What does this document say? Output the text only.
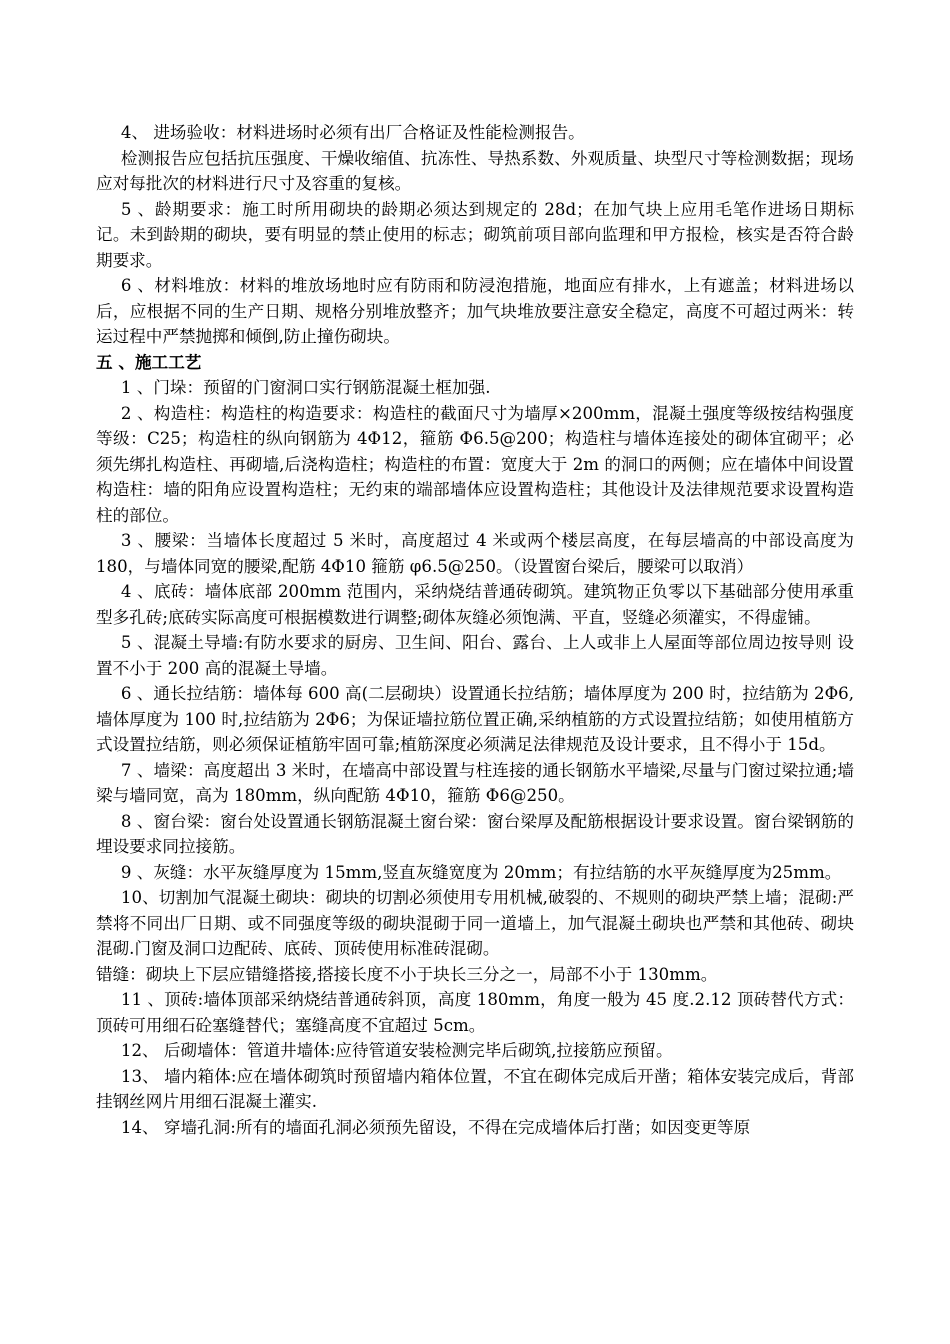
4、 进场验收：材料进场时必须有出厂合格证及性能检测报告。

检测报告应包括抗压强度、干燥收缩值、抗冻性、导热系数、外观质量、块型尺寸等检测数据；现场应对每批次的材料进行尺寸及容重的复核。

5 、龄期要求：施工时所用砌块的龄期必须达到规定的 28d；在加气块上应用毛笔作进场日期标记。未到龄期的砌块，要有明显的禁止使用的标志；砌筑前项目部向监理和甲方报检，核实是否符合龄期要求。

6 、材料堆放：材料的堆放场地时应有防雨和防浸泡措施，地面应有排水，上有遮盖；材料进场以后，应根据不同的生产日期、规格分别堆放整齐；加气块堆放要注意安全稳定，高度不可超过两米：转运过程中严禁抛掷和倾倒,防止撞伤砌块。

五 、施工工艺

1 、门垛：预留的门窗洞口实行钢筋混凝土框加强.

2 、构造柱：构造柱的构造要求：构造柱的截面尺寸为墙厚×200mm，混凝土强度等级按结构强度等级：C25；构造柱的纵向钢筋为 4Φ12，箍筋 Φ6.5@200；构造柱与墙体连接处的砌体宜砌平；必须先绑扎构造柱、再砌墙,后浇构造柱；构造柱的布置：宽度大于 2m 的洞口的两侧；应在墙体中间设置构造柱：墙的阳角应设置构造柱；无约束的端部墙体应设置构造柱；其他设计及法律规范要求设置构造柱的部位。

3 、腰梁：当墙体长度超过 5 米时，高度超过 4 米或两个楼层高度，在每层墙高的中部设高度为 180，与墙体同宽的腰梁,配筋 4Φ10 箍筋 φ6.5@250。（设置窗台梁后，腰梁可以取消）

4 、底砖：墙体底部 200mm 范围内，采纳烧结普通砖砌筑。建筑物正负零以下基础部分使用承重型多孔砖;底砖实际高度可根据模数进行调整;砌体灰缝必须饱满、平直，竖缝必须灌实，不得虚铺。

5 、混凝土导墙:有防水要求的厨房、卫生间、阳台、露台、上人或非上人屋面等部位周边按导则 设置不小于 200 高的混凝土导墙。

6 、通长拉结筋：墙体每 600 高(二层砌块）设置通长拉结筋；墙体厚度为 200 时，拉结筋为 2Φ6,墙体厚度为 100 时,拉结筋为 2Φ6；为保证墙拉筋位置正确,采纳植筋的方式设置拉结筋；如使用植筋方式设置拉结筋，则必须保证植筋牢固可靠;植筋深度必须满足法律规范及设计要求，且不得小于 15d。

7 、墙梁：高度超出 3 米时，在墙高中部设置与柱连接的通长钢筋水平墙梁,尽量与门窗过梁拉通;墙梁与墙同宽，高为 180mm，纵向配筋 4Φ10，箍筋 Φ6@250。

8 、窗台梁：窗台处设置通长钢筋混凝土窗台梁：窗台梁厚及配筋根据设计要求设置。窗台梁钢筋的埋设要求同拉接筋。

9 、灰缝：水平灰缝厚度为 15mm,竖直灰缝宽度为 20mm；有拉结筋的水平灰缝厚度为25mm。

10、切割加气混凝土砌块：砌块的切割必须使用专用机械,破裂的、不规则的砌块严禁上墙；混砌:严禁将不同出厂日期、或不同强度等级的砌块混砌于同一道墙上，加气混凝土砌块也严禁和其他砖、砌块混砌.门窗及洞口边配砖、底砖、顶砖使用标准砖混砌。

错缝：砌块上下层应错缝搭接,搭接长度不小于块长三分之一，局部不小于 130mm。

11 、顶砖:墙体顶部采纳烧结普通砖斜顶，高度 180mm，角度一般为 45 度.2.12 顶砖替代方式：顶砖可用细石砼塞缝替代；塞缝高度不宜超过 5cm。

12、 后砌墙体：管道井墙体:应待管道安装检测完毕后砌筑,拉接筋应预留。

13、 墙内箱体:应在墙体砌筑时预留墙内箱体位置，不宜在砌体完成后开凿；箱体安装完成后，背部挂钢丝网片用细石混凝土灌实.

14、 穿墙孔洞:所有的墙面孔洞必须预先留设，不得在完成墙体后打凿；如因变更等原
